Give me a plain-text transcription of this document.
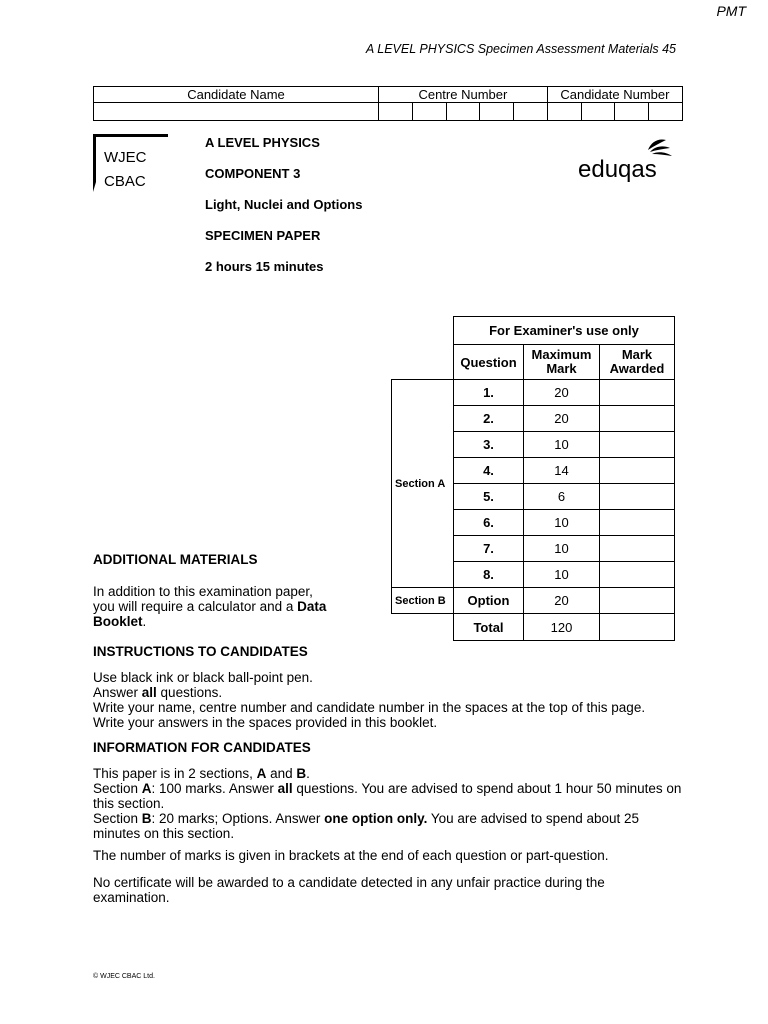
PMT
A LEVEL PHYSICS Specimen Assessment Materials 45
Candidate Name	Centre Number					Candidate Number			

WJEC
CBAC	eduqas
A LEVEL PHYSICS
COMPONENT 3
Light, Nuclei and Options
SPECIMEN PAPER
2 hours 15 minutes
	For Examiner's use only		
	Question	Maximum Mark	Mark Awarded
Section A	1.	20	
	2.	20	
	3.	10	
	4.	14	
	5.	6	
	6.	10	
	7.	10	
	8.	10	
Section B	Option	20	
	Total	120	
ADDITIONAL MATERIALS
In addition to this examination paper,
you will require a calculator and a Data Booklet.
INSTRUCTIONS TO CANDIDATES
Use black ink or black ball-point pen.
Answer all questions.
Write your name, centre number and candidate number in the spaces at the top of this page.
Write your answers in the spaces provided in this booklet.
INFORMATION FOR CANDIDATES
This paper is in 2 sections, A and B.
Section A: 100 marks. Answer all questions. You are advised to spend about 1 hour 50 minutes on this section.
Section B: 20 marks; Options. Answer one option only. You are advised to spend about 25 minutes on this section.
The number of marks is given in brackets at the end of each question or part-question.
No certificate will be awarded to a candidate detected in any unfair practice during the examination.
© WJEC CBAC Ltd.
